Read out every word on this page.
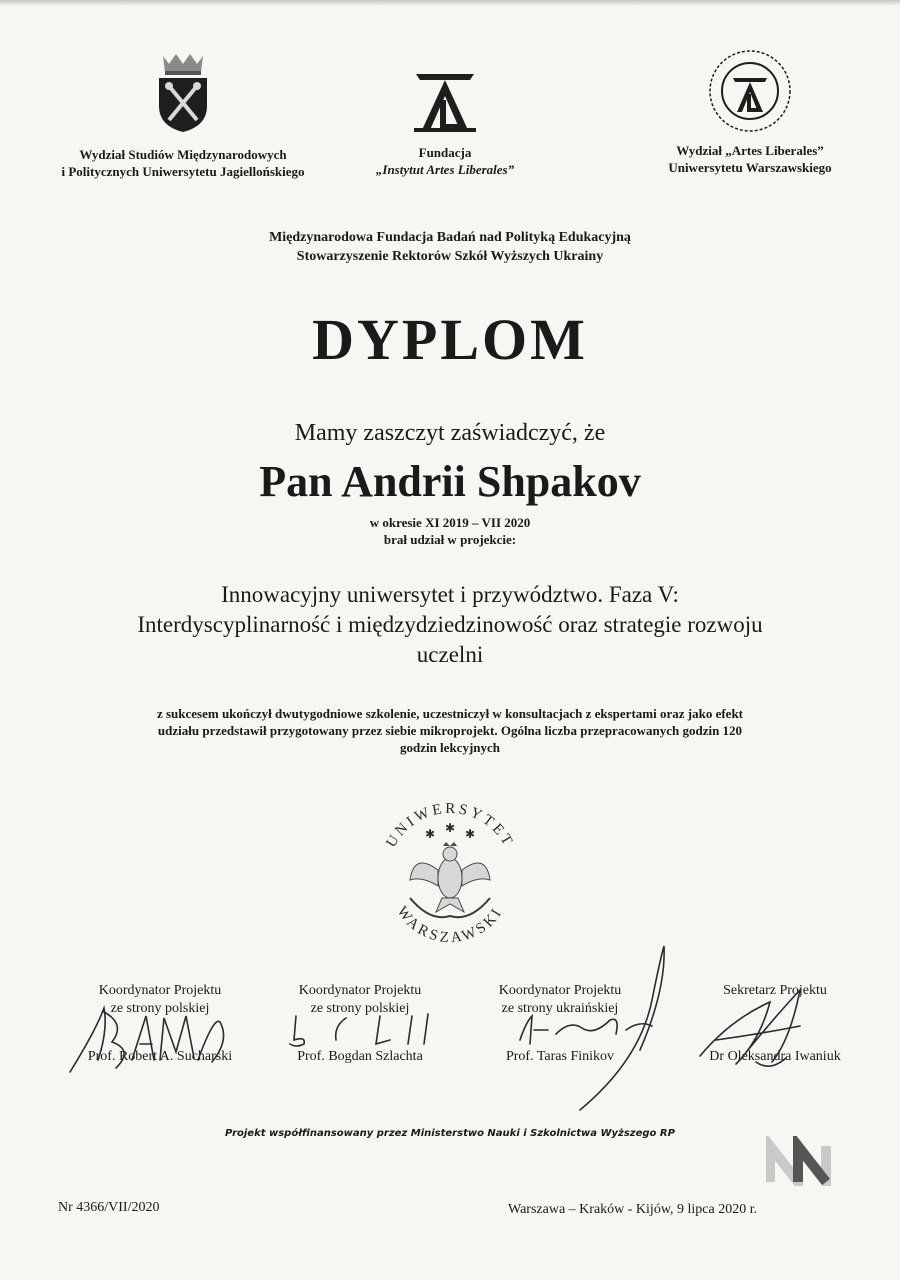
Wydział Studiów Międzynarodowych
i Politycznych Uniwersytetu Jagiellońskiego

Fundacja
„Instytut Artes Liberales”

Wydział „Artes Liberales”
Uniwersytetu Warszawskiego
Międzynarodowa Fundacja Badań nad Polityką Edukacyjną
Stowarzyszenie Rektorów Szkół Wyższych Ukrainy
DYPLOM
Mamy zaszczyt zaświadczyć, że
Pan Andrii Shpakov
w okresie XI 2019 – VII 2020
brał udział w projekcie:
Innowacyjny uniwersytet i przywództwo. Faza V:
Interdyscyplinarność i międzydziedzinowość oraz strategie rozwoju
uczelni
z sukcesem ukończył dwutygodniowe szkolenie, uczestniczył w konsultacjach z ekspertami oraz jako efekt
udziału przedstawił przygotowany przez siebie mikroprojekt. Ogólna liczba przepracowanych godzin 120
godzin lekcyjnych
UNIWERSYTET
WARSZAWSKI
✱ ✱ ✱
Koordynator Projektu
ze strony polskiej
Prof. Robert A. Sucharski
Koordynator Projektu
ze strony polskiej
Prof. Bogdan Szlachta
Koordynator Projektu
ze strony ukraińskiej
Prof. Taras Finikov
Sekretarz Projektu
Dr Oleksandra Iwaniuk
Projekt współfinansowany przez Ministerstwo Nauki i Szkolnictwa Wyższego RP
Nr 4366/VII/2020	Warszawa – Kraków - Kijów, 9 lipca 2020 r.
